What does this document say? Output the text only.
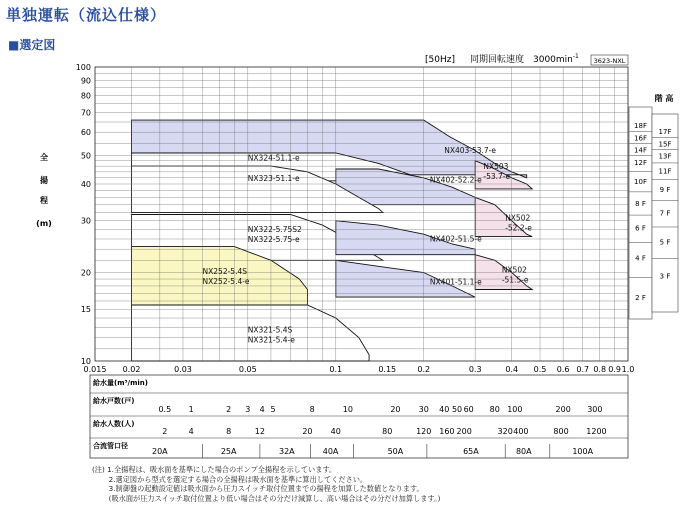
単独運転（流込仕様）
■選定図
[50Hz] 同期回転速度　$3000\min^{-1}$
3623-NXL
NX403-53.7-e
NX324-51.1-e
NX402-52.2-e
NX503 -53.7-e
NX323-51.1-e
NX502 -52.2-e
NX322-5.75S2 NX322-5.75-e	NX402-51.5-e
NX502 -51.5-e
NX401-51.1-e
NX252-5.4S NX252-5.4-e
NX321-5.4S NX321-5.4-e
10
15
20
30
40
50
60
70
80
90
100
0.015 0.02	0.03	0.05	0.1	0.15	0.2	0.3	0.4 0.5 0.6 0.7 0.8 0.9 1.0
全
揚
程
(m)
階 高
18F
16F
14F
12F
10F
8 F
6 F
4 F
2 F
17F
15F
13F
11F
9 F
7 F
5 F
3 F
給水量(m³/min)
給水戸数(戸)
0.5 1	2 3 4 5	8	10	20 30 40 50 60 80 100	200 300
給水人数(人)
2	4	8	12	20 40	80	120 160 200	320 400	800 1200
合流管口径
20A	25A	32A	40A	50A	65A	80A	100A
(注) 1.全揚程は、吸水面を基準にした場合のポンプ全揚程を示しています。
　　 2.選定図から型式を選定する場合の全揚程は吸水面を基準に算出してください。
　　 3.制御盤の起動設定値は吸水面から圧力スイッチ取付位置までの揚程を加算した数値となります。
　　 (吸水面が圧力スイッチ取付位置より低い場合はその分だけ減算し、高い場合はその分だけ加算します。)
